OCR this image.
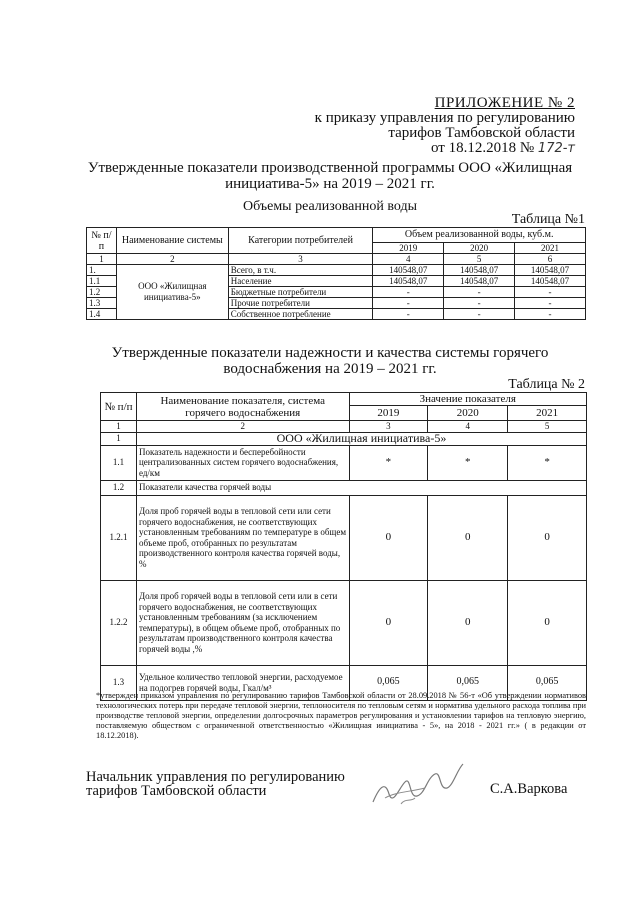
ПРИЛОЖЕНИЕ № 2
к приказу управления по регулированию
тарифов Тамбовской области
от 18.12.2018 № 172-т
Утвержденные показатели производственной программы ООО «Жилищная
инициатива-5» на 2019 – 2021 гг.
Объемы реализованной воды
Таблица №1
№ п/п	Наименование системы	Категории потребителей	Объем реализованной воды, куб.м.		
			2019	2020	2021
1	2	3	4	5	6
1.	ООО «Жилищная инициатива-5»	Всего, в т.ч.	140548,07	140548,07	140548,07
1.1		Население	140548,07	140548,07	140548,07
1.2		Бюджетные потребители	-	-	-
1.3		Прочие потребители	-	-	-
1.4		Собственное потребление	-	-	-
Утвержденные показатели надежности и качества системы горячего
водоснабжения на 2019 – 2021 гг.
Таблица № 2
№ п/п	Наименование показателя, система горячего водоснабжения	Значение показателя		
		2019	2020	2021
1	2	3	4	5
1	ООО «Жилищная инициатива-5»			
1.1	Показатель надежности и бесперебойности централизованных систем горячего водоснабжения, ед/км	*	*	*
1.2	Показатели качества горячей воды			
1.2.1	Доля проб горячей воды в тепловой сети или сети горячего водоснабжения, не соответствующих установленным требованиям по температуре в общем объеме проб, отобранных по результатам производственного контроля качества горячей воды, %	0	0	0
1.2.2	Доля проб горячей воды в тепловой сети или в сети горячего водоснабжения, не соответствующих установленным требованиям (за исключением температуры), в общем объеме проб, отобранных по результатам производственного контроля качества горячей воды ,%	0	0	0
1.3	Удельное количество тепловой энергии, расходуемое на подогрев горячей воды, Гкал/м³	0,065	0,065	0,065
*утвержден приказом управления по регулированию тарифов Тамбовской области от 28.09.2018 № 56-т «Об утверждении нормативов технологических потерь при передаче тепловой энергии, теплоносителя по тепловым сетям и норматива удельного расхода топлива при производстве тепловой энергии, определении долгосрочных параметров регулирования и установлении тарифов на тепловую энергию, поставляемую обществом с ограниченной ответственностью «Жилищная инициатива - 5», на 2018 - 2021 гг.» ( в редакции от 18.12.2018).
Начальник управления по регулированию
тарифов Тамбовской области	С.А.Варкова
